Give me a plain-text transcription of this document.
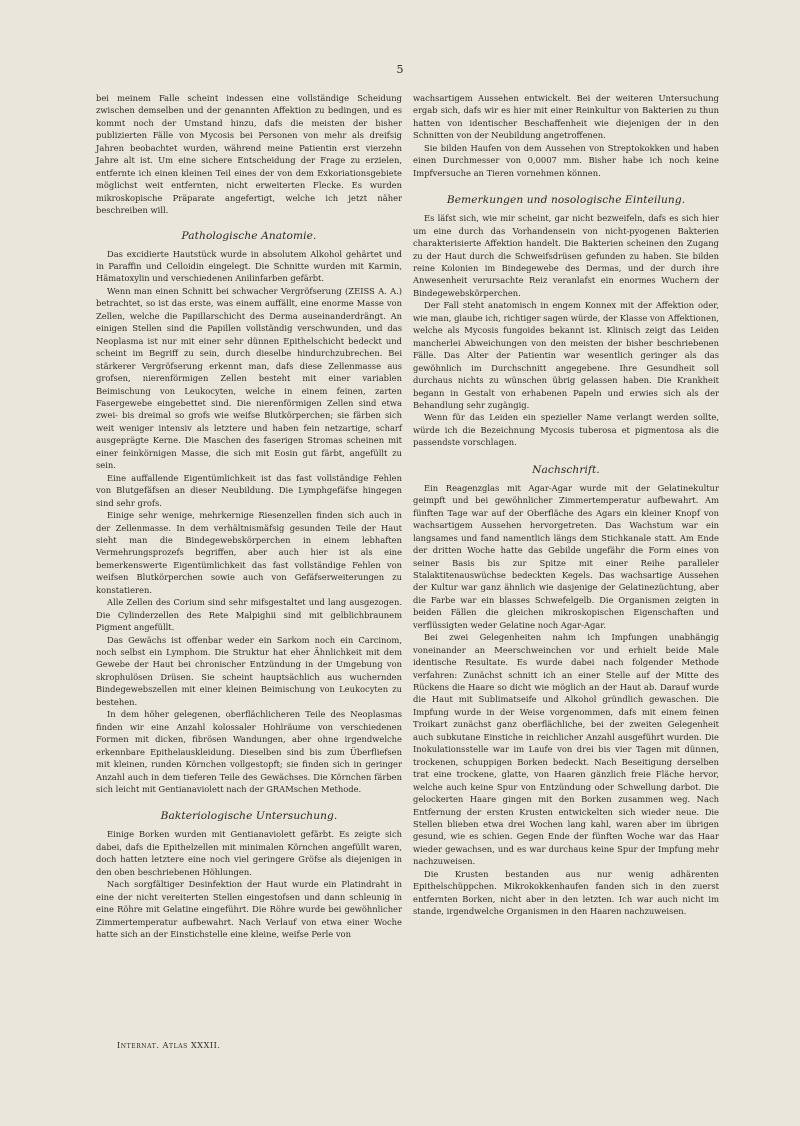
5

bei meinem Falle scheint indessen eine vollständige Scheidung zwischen demselben und der genannten Affektion zu bedingen, und es kommt noch der Umstand hinzu, dafs die meisten der bisher publizierten Fälle von Mycosis bei Personen von mehr als dreifsig Jahren beobachtet wurden, während meine Patientin erst vierzehn Jahre alt ist. Um eine sichere Entscheidung der Frage zu erzielen, entfernte ich einen kleinen Teil eines der von dem Exkoriationsgebiete möglichst weit entfernten, nicht erweiterten Flecke. Es wurden mikroskopische Präparate angefertigt, welche ich jetzt näher beschreiben will.

Pathologische Anatomie.

Das excidierte Hautstück wurde in absolutem Alkohol gehärtet und in Paraffin und Celloidin eingelegt. Die Schnitte wurden mit Karmin, Hämatoxylin und verschiedenen Anilinfarben gefärbt.

Wenn man einen Schnitt bei schwacher Vergröfserung (ZEISS A. A.) betrachtet, so ist das erste, was einem auffällt, eine enorme Masse von Zellen, welche die Papillarschicht des Derma auseinanderdrängt. An einigen Stellen sind die Papillen vollständig verschwunden, und das Neoplasma ist nur mit einer sehr dünnen Epithelschicht bedeckt und scheint im Begriff zu sein, durch dieselbe hindurchzubrechen. Bei stärkerer Vergröfserung erkennt man, dafs diese Zellenmasse aus grofsen, nierenförmigen Zellen besteht mit einer variablen Beimischung von Leukocyten, welche in einem feinen, zarten Fasergewebe eingebettet sind. Die nierenförmigen Zellen sind etwa zwei- bis dreimal so grofs wie weifse Blutkörperchen; sie färben sich weit weniger intensiv als letztere und haben fein netzartige, scharf ausgeprägte Kerne. Die Maschen des faserigen Stromas scheinen mit einer feinkörnigen Masse, die sich mit Eosin gut färbt, angefüllt zu sein.

Eine auffallende Eigentümlichkeit ist das fast vollständige Fehlen von Blutgefäfsen an dieser Neubildung. Die Lymphgefäfse hingegen sind sehr grofs.

Einige sehr wenige, mehrkernige Riesenzellen finden sich auch in der Zellenmasse. In dem verhältnismäfsig gesunden Teile der Haut sieht man die Bindegewebskörperchen in einem lebhaften Vermehrungsprozefs begriffen, aber auch hier ist als eine bemerkenswerte Eigentümlichkeit das fast vollständige Fehlen von weifsen Blutkörperchen sowie auch von Gefäfserweiterungen zu konstatieren.

Alle Zellen des Corium sind sehr mifsgestaltet und lang ausgezogen. Die Cylinderzellen des Rete Malpighii sind mit gelblichbraunem Pigment angefüllt.

Das Gewächs ist offenbar weder ein Sarkom noch ein Carcinom, noch selbst ein Lymphom. Die Struktur hat eher Ähnlichkeit mit dem Gewebe der Haut bei chronischer Entzündung in der Umgebung von skrophulösen Drüsen. Sie scheint hauptsächlich aus wuchernden Bindegewebszellen mit einer kleinen Beimischung von Leukocyten zu bestehen.

In dem höher gelegenen, oberflächlicheren Teile des Neoplasmas finden wir eine Anzahl kolossaler Hohlräume von verschiedenen Formen mit dicken, fibrösen Wandungen, aber ohne irgendwelche erkennbare Epithelauskleidung. Dieselben sind bis zum Überfliefsen mit kleinen, runden Körnchen vollgestopft; sie finden sich in geringer Anzahl auch in dem tieferen Teile des Gewächses. Die Körnchen färben sich leicht mit Gentianaviolett nach der GRAMschen Methode.

Bakteriologische Untersuchung.

Einige Borken wurden mit Gentianaviolett gefärbt. Es zeigte sich dabei, dafs die Epithelzellen mit minimalen Körnchen angefüllt waren, doch hatten letztere eine noch viel geringere Gröfse als diejenigen in den oben beschriebenen Höhlungen.

Nach sorgfältiger Desinfektion der Haut wurde ein Platindraht in eine der nicht vereiterten Stellen eingestofsen und dann schleunig in eine Röhre mit Gelatine eingeführt. Die Röhre wurde bei gewöhnlicher Zimmertemperatur aufbewahrt. Nach Verlauf von etwa einer Woche hatte sich an der Einstichstelle eine kleine, weifse Perle von

wachsartigem Aussehen entwickelt. Bei der weiteren Untersuchung ergab sich, dafs wir es hier mit einer Reinkultur von Bakterien zu thun hatten von identischer Beschaffenheit wie diejenigen der in den Schnitten von der Neubildung angetroffenen.

Sie bilden Haufen von dem Aussehen von Streptokokken und haben einen Durchmesser von 0,0007 mm. Bisher habe ich noch keine Impfversuche an Tieren vornehmen können.

Bemerkungen und nosologische Einteilung.

Es läfst sich, wie mir scheint, gar nicht bezweifeln, dafs es sich hier um eine durch das Vorhandensein von nicht-pyogenen Bakterien charakterisierte Affektion handelt. Die Bakterien scheinen den Zugang zu der Haut durch die Schweifsdrüsen gefunden zu haben. Sie bilden reine Kolonien im Bindegewebe des Dermas, und der durch ihre Anwesenheit verursachte Reiz veranlafst ein enormes Wuchern der Bindegewebskörperchen.

Der Fall steht anatomisch in engem Konnex mit der Affektion oder, wie man, glaube ich, richtiger sagen würde, der Klasse von Affektionen, welche als Mycosis fungoides bekannt ist. Klinisch zeigt das Leiden mancherlei Abweichungen von den meisten der bisher beschriebenen Fälle. Das Alter der Patientin war wesentlich geringer als das gewöhnlich im Durchschnitt angegebene. Ihre Gesundheit soll durchaus nichts zu wünschen übrig gelassen haben. Die Krankheit begann in Gestalt von erhabenen Papeln und erwies sich als der Behandlung sehr zugängig.

Wenn für das Leiden ein spezieller Name verlangt werden sollte, würde ich die Bezeichnung Mycosis tuberosa et pigmentosa als die passendste vorschlagen.

Nachschrift.

Ein Reagenzglas mit Agar-Agar wurde mit der Gelatinekultur geimpft und bei gewöhnlicher Zimmertemperatur aufbewahrt. Am fünften Tage war auf der Oberfläche des Agars ein kleiner Knopf von wachsartigem Aussehen hervorgetreten. Das Wachstum war ein langsames und fand namentlich längs dem Stichkanale statt. Am Ende der dritten Woche hatte das Gebilde ungefähr die Form eines von seiner Basis bis zur Spitze mit einer Reihe paralleler Stalaktitenauswüchse bedeckten Kegels. Das wachsartige Aussehen der Kultur war ganz ähnlich wie dasjenige der Gelatinezüchtung, aber die Farbe war ein blasses Schwefelgelb. Die Organismen zeigten in beiden Fällen die gleichen mikroskopischen Eigenschaften und verflüssigten weder Gelatine noch Agar-Agar.

Bei zwei Gelegenheiten nahm ich Impfungen unabhängig voneinander an Meerschweinchen vor und erhielt beide Male identische Resultate. Es wurde dabei nach folgender Methode verfahren: Zunächst schnitt ich an einer Stelle auf der Mitte des Rückens die Haare so dicht wie möglich an der Haut ab. Darauf wurde die Haut mit Sublimatseife und Alkohol gründlich gewaschen. Die Impfung wurde in der Weise vorgenommen, dafs mit einem feinen Troikart zunächst ganz oberflächliche, bei der zweiten Gelegenheit auch subkutane Einstiche in reichlicher Anzahl ausgeführt wurden. Die Inokulationsstelle war im Laufe von drei bis vier Tagen mit dünnen, trockenen, schuppigen Borken bedeckt. Nach Beseitigung derselben trat eine trockene, glatte, von Haaren gänzlich freie Fläche hervor, welche auch keine Spur von Entzündung oder Schwellung darbot. Die gelockerten Haare gingen mit den Borken zusammen weg. Nach Entfernung der ersten Krusten entwickelten sich wieder neue. Die Stellen blieben etwa drei Wochen lang kahl, waren aber im übrigen gesund, wie es schien. Gegen Ende der fünften Woche war das Haar wieder gewachsen, und es war durchaus keine Spur der Impfung mehr nachzuweisen.

Die Krusten bestanden aus nur wenig adhärenten Epithelschüppchen. Mikrokokkenhaufen fanden sich in den zuerst entfernten Borken, nicht aber in den letzten. Ich war auch nicht im stande, irgendwelche Organismen in den Haaren nachzuweisen.

Internat. Atlas XXXII.
